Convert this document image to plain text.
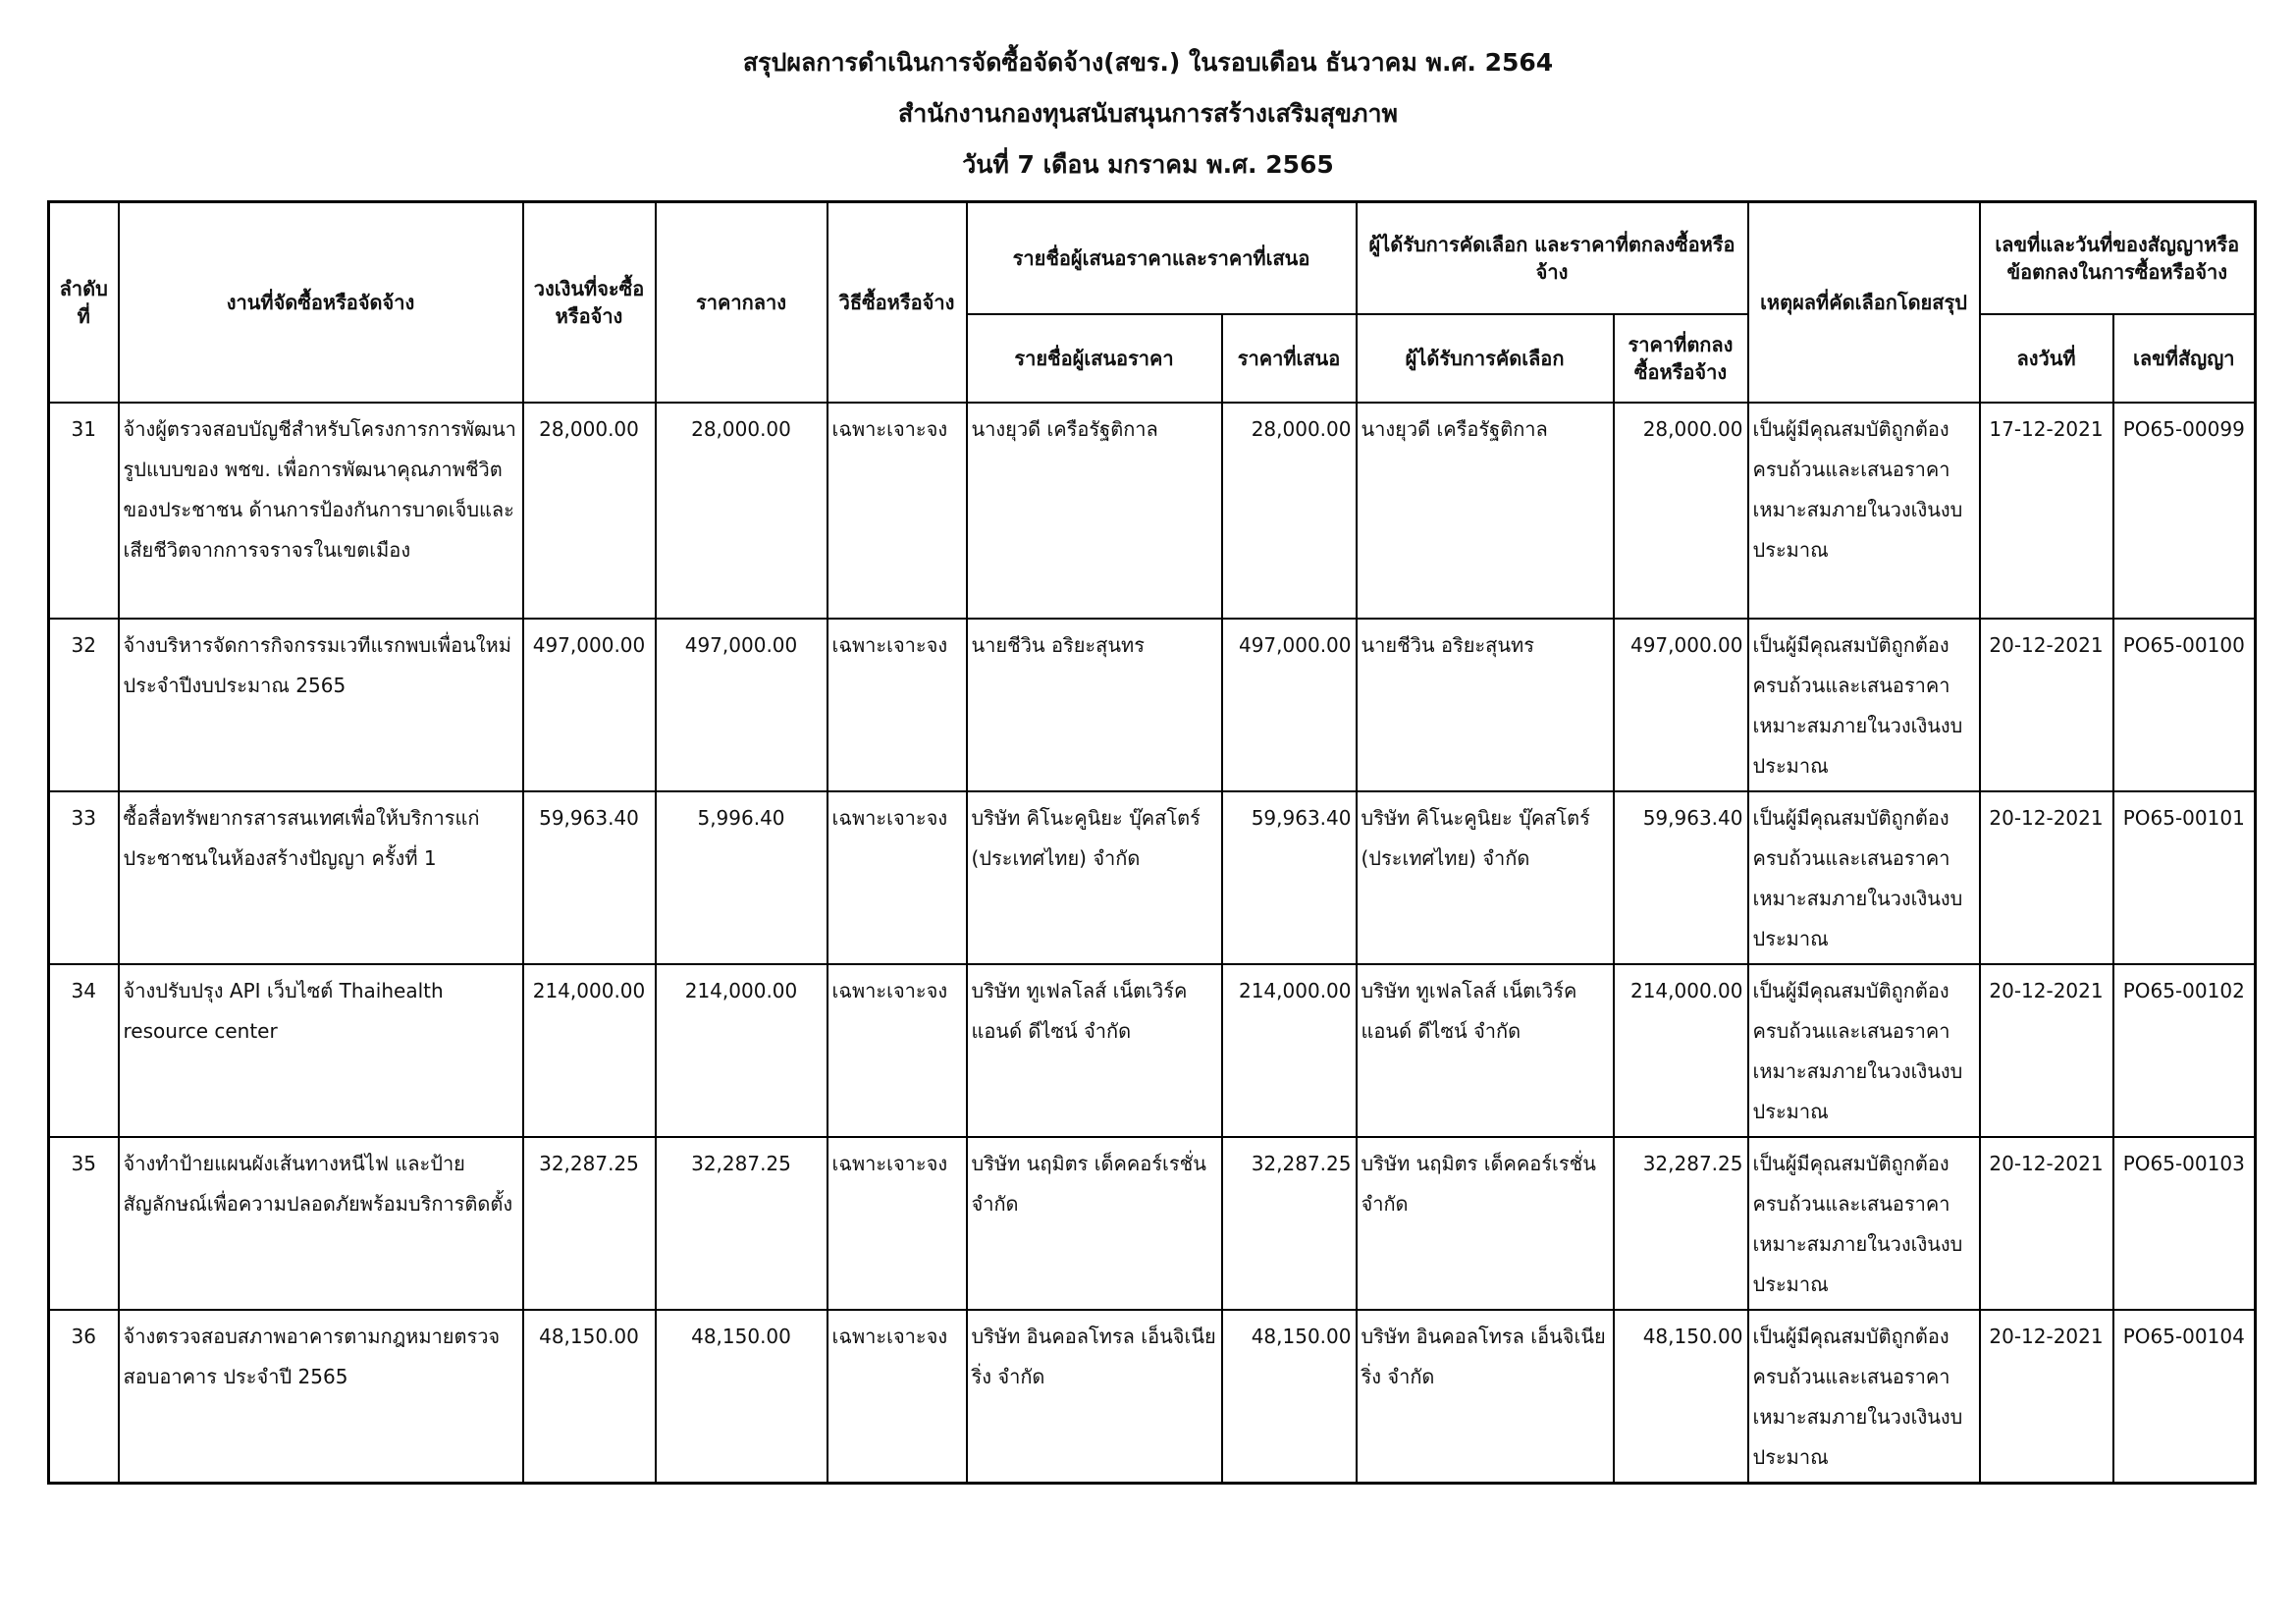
สรุปผลการดำเนินการจัดซื้อจัดจ้าง(สขร.) ในรอบเดือน ธันวาคม พ.ศ. 2564
สำนักงานกองทุนสนับสนุนการสร้างเสริมสุขภาพ
วันที่ 7 เดือน มกราคม พ.ศ. 2565
ลำดับที่	งานที่จัดซื้อหรือจัดจ้าง	วงเงินที่จะซื้อหรือจ้าง	ราคากลาง	วิธีซื้อหรือจ้าง	รายชื่อผู้เสนอราคาและราคาที่เสนอ		ผู้ได้รับการคัดเลือก และราคาที่ตกลงซื้อหรือจ้าง		เหตุผลที่คัดเลือกโดยสรุป	เลขที่และวันที่ของสัญญาหรือข้อตกลงในการซื้อหรือจ้าง	
					รายชื่อผู้เสนอราคา	ราคาที่เสนอ	ผู้ได้รับการคัดเลือก	ราคาที่ตกลงซื้อหรือจ้าง		ลงวันที่	เลขที่สัญญา
31	จ้างผู้ตรวจสอบบัญชีสำหรับโครงการการพัฒนารูปแบบของ พชข. เพื่อการพัฒนาคุณภาพชีวิตของประชาชน ด้านการป้องกันการบาดเจ็บและเสียชีวิตจากการจราจรในเขตเมือง	28,000.00	28,000.00	เฉพาะเจาะจง	นางยุวดี เครือรัฐติกาล	28,000.00	นางยุวดี เครือรัฐติกาล	28,000.00	เป็นผู้มีคุณสมบัติถูกต้องครบถ้วนและเสนอราคาเหมาะสมภายในวงเงินงบประมาณ	17-12-2021	PO65-00099
32	จ้างบริหารจัดการกิจกรรมเวทีแรกพบเพื่อนใหม่ ประจำปีงบประมาณ 2565	497,000.00	497,000.00	เฉพาะเจาะจง	นายชีวิน อริยะสุนทร	497,000.00	นายชีวิน อริยะสุนทร	497,000.00	เป็นผู้มีคุณสมบัติถูกต้องครบถ้วนและเสนอราคาเหมาะสมภายในวงเงินงบประมาณ	20-12-2021	PO65-00100
33	ซื้อสื่อทรัพยากรสารสนเทศเพื่อให้บริการแก่ประชาชนในห้องสร้างปัญญา ครั้งที่ 1	59,963.40	5,996.40	เฉพาะเจาะจง	บริษัท คิโนะคูนิยะ บุ๊คสโตร์ (ประเทศไทย) จำกัด	59,963.40	บริษัท คิโนะคูนิยะ บุ๊คสโตร์ (ประเทศไทย) จำกัด	59,963.40	เป็นผู้มีคุณสมบัติถูกต้องครบถ้วนและเสนอราคาเหมาะสมภายในวงเงินงบประมาณ	20-12-2021	PO65-00101
34	จ้างปรับปรุง API เว็บไซต์ Thaihealth resource center	214,000.00	214,000.00	เฉพาะเจาะจง	บริษัท ทูเฟลโลส์ เน็ตเวิร์ค แอนด์ ดีไซน์ จำกัด	214,000.00	บริษัท ทูเฟลโลส์ เน็ตเวิร์ค แอนด์ ดีไซน์ จำกัด	214,000.00	เป็นผู้มีคุณสมบัติถูกต้องครบถ้วนและเสนอราคาเหมาะสมภายในวงเงินงบประมาณ	20-12-2021	PO65-00102
35	จ้างทำป้ายแผนผังเส้นทางหนีไฟ และป้ายสัญลักษณ์เพื่อความปลอดภัยพร้อมบริการติดตั้ง	32,287.25	32,287.25	เฉพาะเจาะจง	บริษัท นฤมิตร เด็คคอร์เรชั่น จำกัด	32,287.25	บริษัท นฤมิตร เด็คคอร์เรชั่น จำกัด	32,287.25	เป็นผู้มีคุณสมบัติถูกต้องครบถ้วนและเสนอราคาเหมาะสมภายในวงเงินงบประมาณ	20-12-2021	PO65-00103
36	จ้างตรวจสอบสภาพอาคารตามกฎหมายตรวจสอบอาคาร ประจำปี 2565	48,150.00	48,150.00	เฉพาะเจาะจง	บริษัท อินคอลโทรล เอ็นจิเนียริ่ง จำกัด	48,150.00	บริษัท อินคอลโทรล เอ็นจิเนียริ่ง จำกัด	48,150.00	เป็นผู้มีคุณสมบัติถูกต้องครบถ้วนและเสนอราคาเหมาะสมภายในวงเงินงบประมาณ	20-12-2021	PO65-00104
